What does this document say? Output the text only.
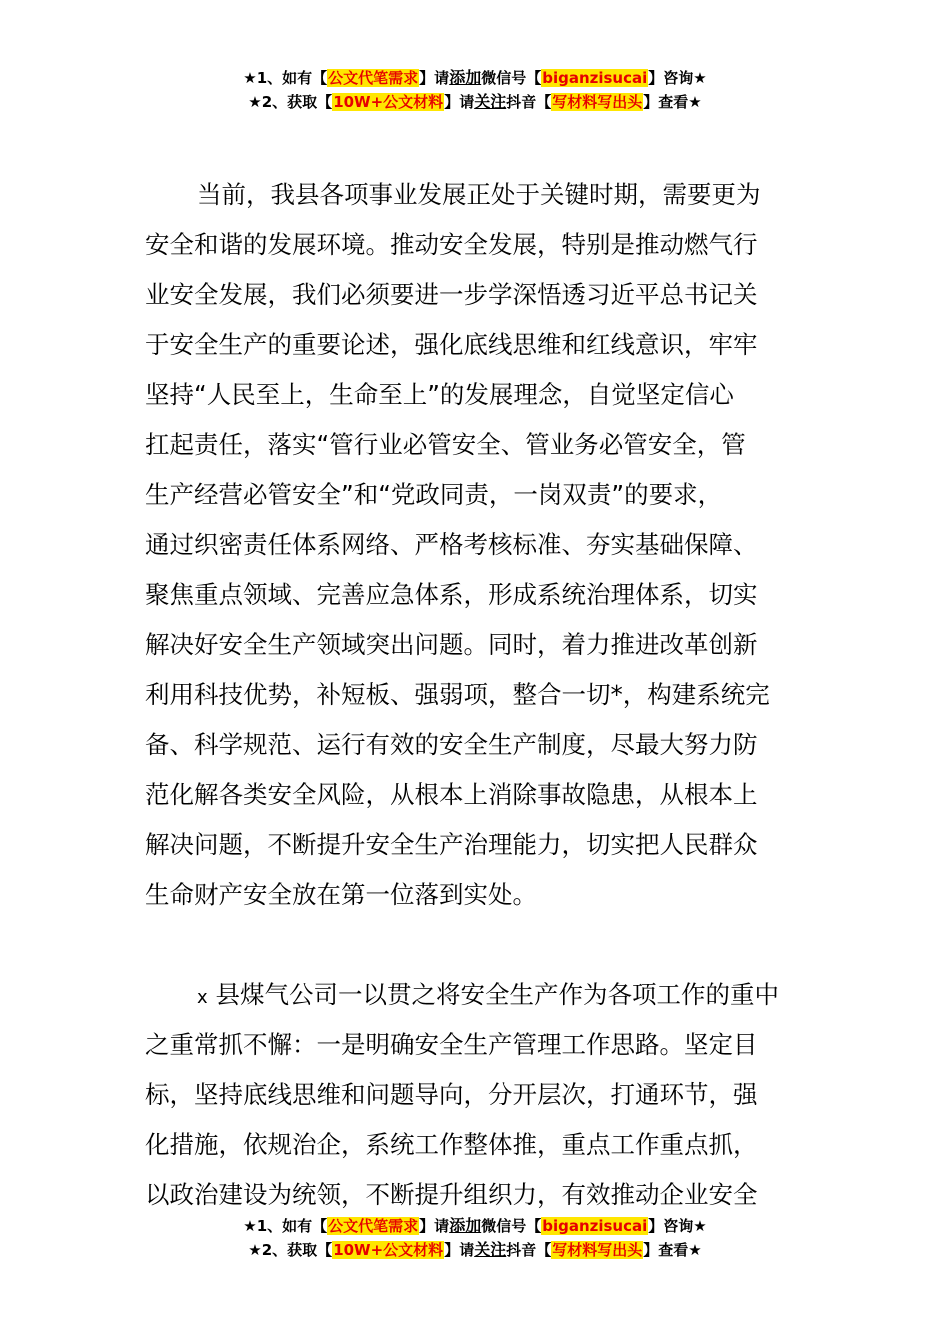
★1、如有【公文代笔需求】请添加微信号【biganzisucai】咨询★
★2、获取【10W+公文材料】请关注抖音【写材料写出头】查看★
当前，我县各项事业发展正处于关键时期，需要更为
安全和谐的发展环境。推动安全发展，特别是推动燃气行
业安全发展，我们必须要进一步学深悟透习近平总书记关
于安全生产的重要论述，强化底线思维和红线意识，牢牢
坚持“人民至上，生命至上”的发展理念，自觉坚定信心
扛起责任，落实“管行业必管安全、管业务必管安全，管
生产经营必管安全”和“党政同责，一岗双责”的要求，
通过织密责任体系网络、严格考核标准、夯实基础保障、
聚焦重点领域、完善应急体系，形成系统治理体系，切实
解决好安全生产领域突出问题。同时，着力推进改革创新
利用科技优势，补短板、强弱项，整合一切*，构建系统完
备、科学规范、运行有效的安全生产制度，尽最大努力防
范化解各类安全风险，从根本上消除事故隐患，从根本上
解决问题，不断提升安全生产治理能力，切实把人民群众
生命财产安全放在第一位落到实处。
x 县煤气公司一以贯之将安全生产作为各项工作的重中
之重常抓不懈：一是明确安全生产管理工作思路。坚定目
标，坚持底线思维和问题导向，分开层次，打通环节，强
化措施，依规治企，系统工作整体推，重点工作重点抓，
以政治建设为统领，不断提升组织力，有效推动企业安全
★1、如有【公文代笔需求】请添加微信号【biganzisucai】咨询★
★2、获取【10W+公文材料】请关注抖音【写材料写出头】查看★
